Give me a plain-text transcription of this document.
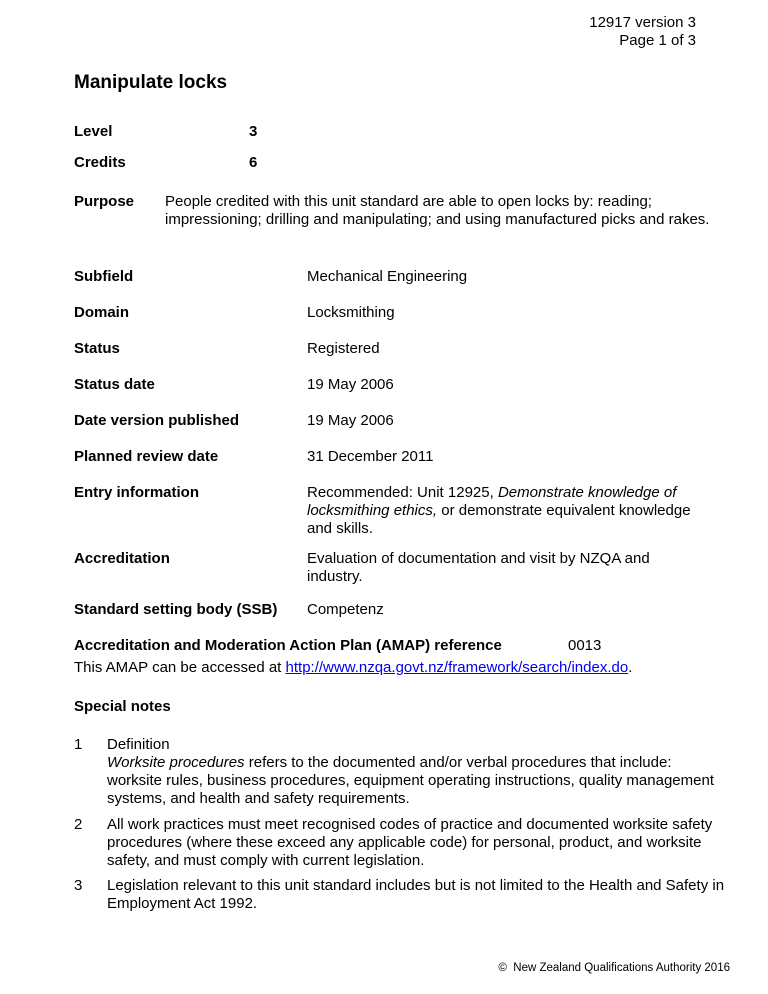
12917 version 3
Page 1 of 3
Manipulate locks
Level	3
Credits	6
Purpose People credited with this unit standard are able to open locks by: reading; impressioning; drilling and manipulating; and using manufactured picks and rakes.
Subfield	Mechanical Engineering
Domain	Locksmithing
Status	Registered
Status date	19 May 2006
Date version published	19 May 2006
Planned review date	31 December 2011
Entry information	Recommended: Unit 12925, Demonstrate knowledge of locksmithing ethics, or demonstrate equivalent knowledge and skills.
Accreditation	Evaluation of documentation and visit by NZQA and industry.
Standard setting body (SSB) Competenz
Accreditation and Moderation Action Plan (AMAP) reference	0013
This AMAP can be accessed at http://www.nzqa.govt.nz/framework/search/index.do.
Special notes
1 Definition
Worksite procedures refers to the documented and/or verbal procedures that include: worksite rules, business procedures, equipment operating instructions, quality management systems, and health and safety requirements.
2 All work practices must meet recognised codes of practice and documented worksite safety procedures (where these exceed any applicable code) for personal, product, and worksite safety, and must comply with current legislation.
3 Legislation relevant to this unit standard includes but is not limited to the Health and Safety in Employment Act 1992.
© New Zealand Qualifications Authority 2016
